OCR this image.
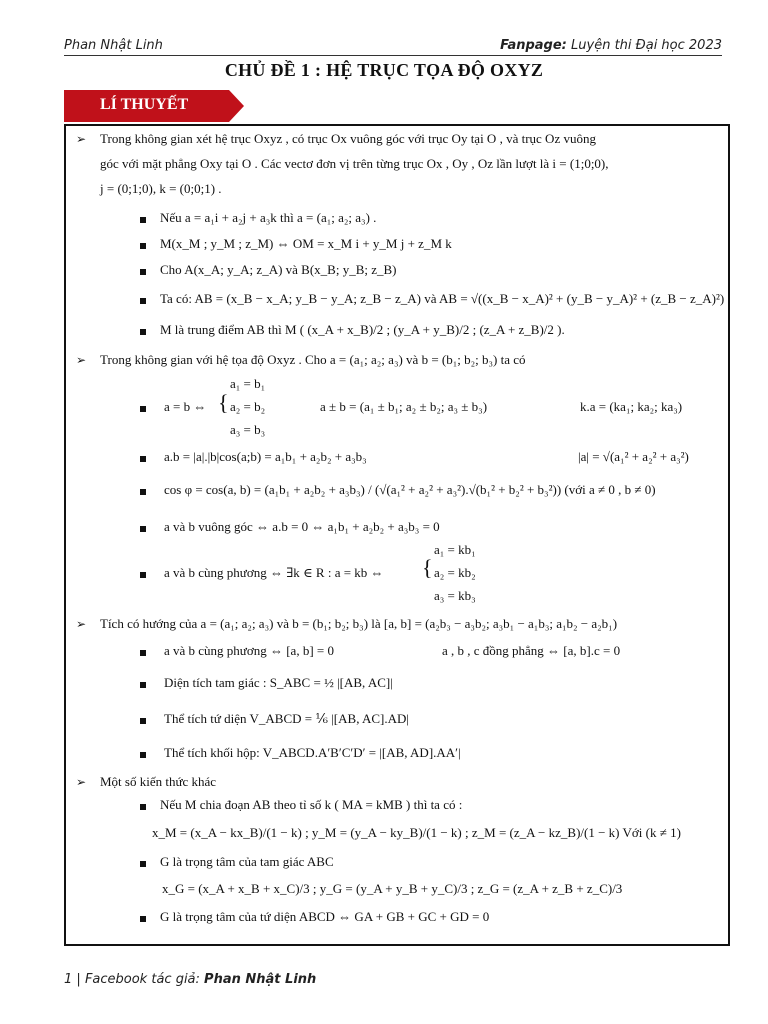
Phan Nhật Linh	Fanpage: Luyện thi Đại học 2023
CHỦ ĐỀ 1 : HỆ TRỤC TỌA ĐỘ OXYZ
LÍ THUYẾT
➢ Trong không gian xét hệ trục Oxyz , có trục Ox vuông góc với trục Oy tại O , và trục Oz vuông
góc với mặt phẳng Oxy tại O . Các vectơ đơn vị trên từng trục Ox , Oy , Oz lần lượt là i = (1;0;0),
j = (0;1;0), k = (0;0;1) .
Nếu a = a₁i + a₂j + a₃k thì a = (a₁; a₂; a₃) .
M(x_M ; y_M ; z_M) ⇔ OM = x_M i + y_M j + z_M k
Cho A(x_A; y_A; z_A) và B(x_B; y_B; z_B)
Ta có: AB = (x_B − x_A; y_B − y_A; z_B − z_A) và AB = √((x_B − x_A)² + (y_B − y_A)² + (z_B − z_A)²) .
M là trung điểm AB thì M ( (x_A + x_B)/2 ; (y_A + y_B)/2 ; (z_A + z_B)/2 ).
➢ Trong không gian với hệ tọa độ Oxyz . Cho a = (a₁; a₂; a₃) và b = (b₁; b₂; b₃) ta có
a = b ⇔ {
a₁ = b₁
a₂ = b₂
a₃ = b₃
a ± b = (a₁ ± b₁; a₂ ± b₂; a₃ ± b₃)	k.a = (ka₁; ka₂; ka₃)
a.b = |a|.|b|cos(a;b) = a₁b₁ + a₂b₂ + a₃b₃	|a| = √(a₁² + a₂² + a₃²)
cos φ = cos(a, b) = (a₁b₁ + a₂b₂ + a₃b₃) / (√(a₁² + a₂² + a₃²).√(b₁² + b₂² + b₃²)) (với a ≠ 0 , b ≠ 0)
a và b vuông góc ⇔ a.b = 0 ⇔ a₁b₁ + a₂b₂ + a₃b₃ = 0
a và b cùng phương ⇔ ∃k ∈ R : a = kb ⇔ {
a₁ = kb₁
a₂ = kb₂
a₃ = kb₃
➢ Tích có hướng của a = (a₁; a₂; a₃) và b = (b₁; b₂; b₃) là [a, b] = (a₂b₃ − a₃b₂; a₃b₁ − a₁b₃; a₁b₂ − a₂b₁)
a và b cùng phương ⇔ [a, b] = 0	a , b , c đồng phẳng ⇔ [a, b].c = 0
Diện tích tam giác : S_ABC = ½ |[AB, AC]|
Thể tích tứ diện V_ABCD = ⅙ |[AB, AC].AD|
Thể tích khối hộp: V_ABCD.A′B′C′D′ = |[AB, AD].AA′|
➢ Một số kiến thức khác
Nếu M chia đoạn AB theo tỉ số k ( MA = kMB ) thì ta có :
x_M = (x_A − kx_B)/(1 − k) ; y_M = (y_A − ky_B)/(1 − k) ; z_M = (z_A − kz_B)/(1 − k) Với (k ≠ 1)
G là trọng tâm của tam giác ABC
x_G = (x_A + x_B + x_C)/3 ; y_G = (y_A + y_B + y_C)/3 ; z_G = (z_A + z_B + z_C)/3
G là trọng tâm của tứ diện ABCD ⇔ GA + GB + GC + GD = 0
1 | Facebook tác giả: Phan Nhật Linh
